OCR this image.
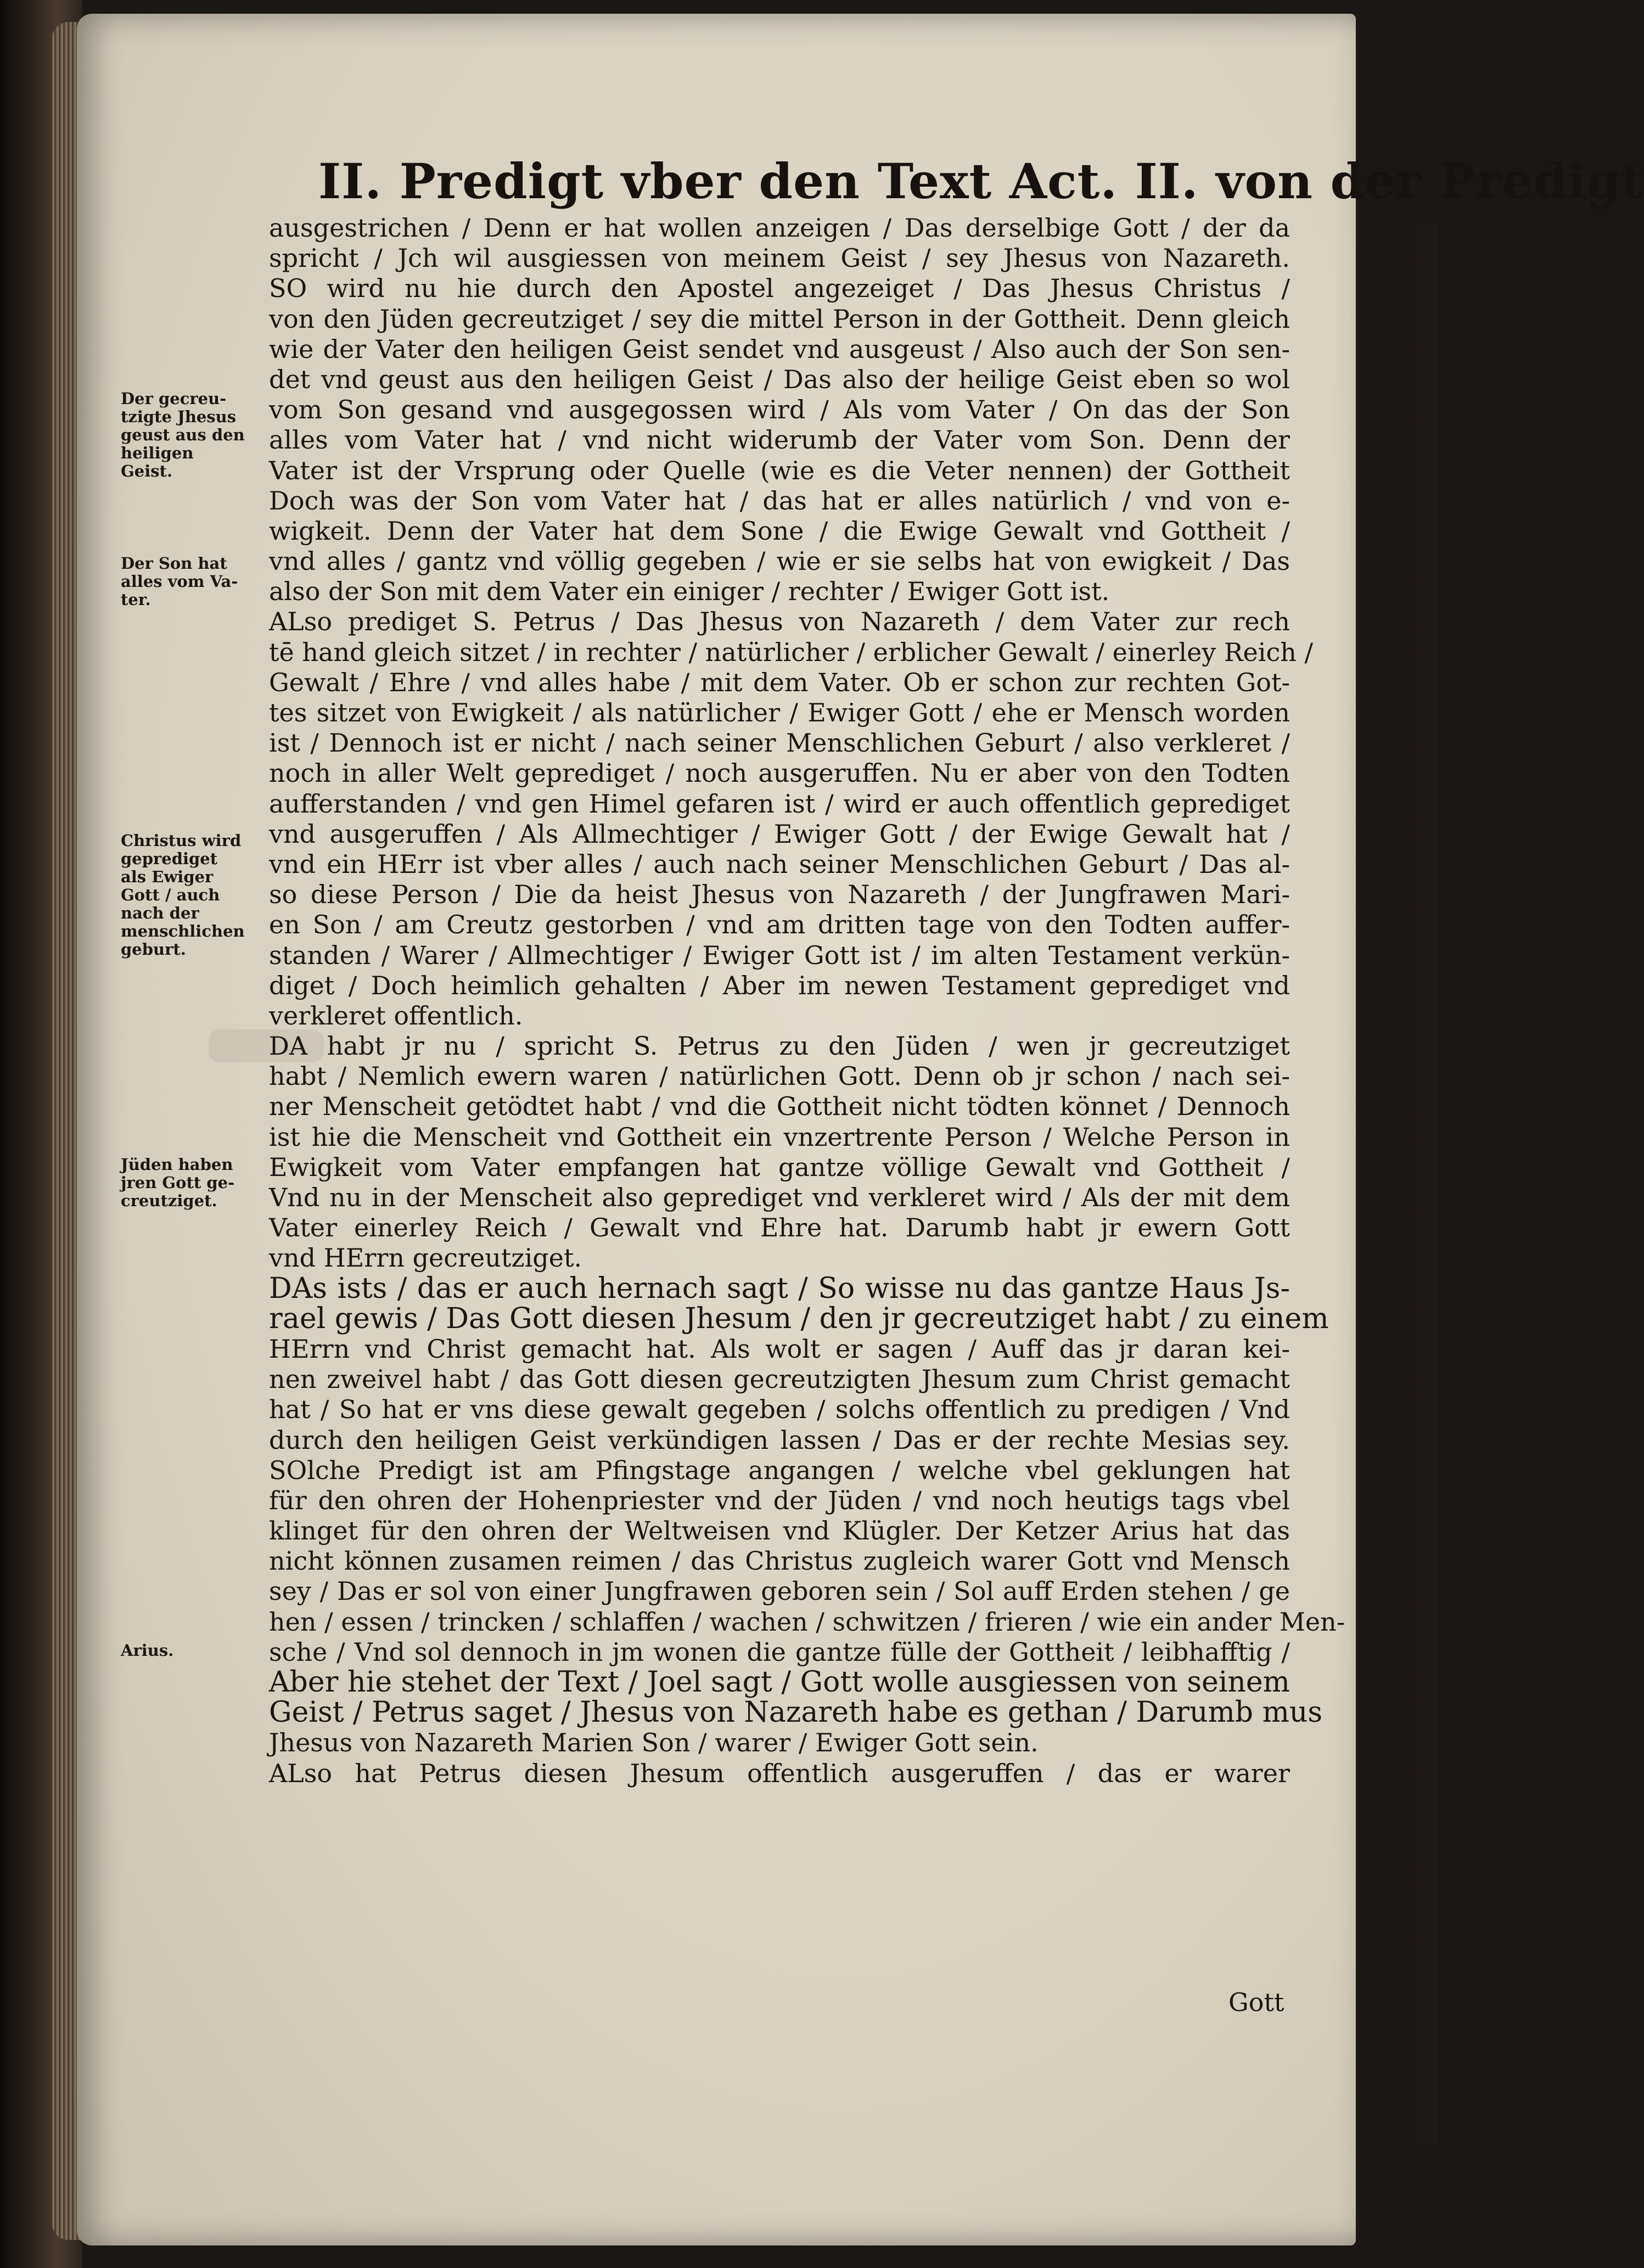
II. Predigt vber den Text Act. II. von der Predigt
ausgestrichen / Denn er hat wollen anzeigen / Das derselbige Gott / der da
spricht / Jch wil ausgiessen von meinem Geist / sey Jhesus von Nazareth.
SO wird nu hie durch den Apostel angezeiget / Das Jhesus Christus /
von den Jüden gecreutziget / sey die mittel Person in der Gottheit. Denn gleich
wie der Vater den heiligen Geist sendet vnd ausgeust / Also auch der Son sen-
det vnd geust aus den heiligen Geist / Das also der heilige Geist eben so wol
vom Son gesand vnd ausgegossen wird / Als vom Vater / On das der Son
alles vom Vater hat / vnd nicht widerumb der Vater vom Son. Denn der
Vater ist der Vrsprung oder Quelle (wie es die Veter nennen) der Gottheit
Doch was der Son vom Vater hat / das hat er alles natürlich / vnd von e-
wigkeit. Denn der Vater hat dem Sone / die Ewige Gewalt vnd Gottheit /
vnd alles / gantz vnd völlig gegeben / wie er sie selbs hat von ewigkeit / Das
also der Son mit dem Vater ein einiger / rechter / Ewiger Gott ist.
ALso prediget S. Petrus / Das Jhesus von Nazareth / dem Vater zur rech
tē hand gleich sitzet / in rechter / natürlicher / erblicher Gewalt / einerley Reich /
Gewalt / Ehre / vnd alles habe / mit dem Vater. Ob er schon zur rechten Got-
tes sitzet von Ewigkeit / als natürlicher / Ewiger Gott / ehe er Mensch worden
ist / Dennoch ist er nicht / nach seiner Menschlichen Geburt / also verkleret /
noch in aller Welt geprediget / noch ausgeruffen. Nu er aber von den Todten
aufferstanden / vnd gen Himel gefaren ist / wird er auch offentlich geprediget
vnd ausgeruffen / Als Allmechtiger / Ewiger Gott / der Ewige Gewalt hat /
vnd ein HErr ist vber alles / auch nach seiner Menschlichen Geburt / Das al-
so diese Person / Die da heist Jhesus von Nazareth / der Jungfrawen Mari-
en Son / am Creutz gestorben / vnd am dritten tage von den Todten auffer-
standen / Warer / Allmechtiger / Ewiger Gott ist / im alten Testament verkün-
diget / Doch heimlich gehalten / Aber im newen Testament geprediget vnd
verkleret offentlich.
DA habt jr nu / spricht S. Petrus zu den Jüden / wen jr gecreutziget
habt / Nemlich ewern waren / natürlichen Gott. Denn ob jr schon / nach sei-
ner Menscheit getödtet habt / vnd die Gottheit nicht tödten könnet / Dennoch
ist hie die Menscheit vnd Gottheit ein vnzertrente Person / Welche Person in
Ewigkeit vom Vater empfangen hat gantze völlige Gewalt vnd Gottheit /
Vnd nu in der Menscheit also geprediget vnd verkleret wird / Als der mit dem
Vater einerley Reich / Gewalt vnd Ehre hat. Darumb habt jr ewern Gott
vnd HErrn gecreutziget.
DAs ists / das er auch hernach sagt / So wisse nu das gantze Haus Js-
rael gewis / Das Gott diesen Jhesum / den jr gecreutziget habt / zu einem
HErrn vnd Christ gemacht hat. Als wolt er sagen / Auff das jr daran kei-
nen zweivel habt / das Gott diesen gecreutzigten Jhesum zum Christ gemacht
hat / So hat er vns diese gewalt gegeben / solchs offentlich zu predigen / Vnd
durch den heiligen Geist verkündigen lassen / Das er der rechte Mesias sey.
SOlche Predigt ist am Pfingstage angangen / welche vbel geklungen hat
für den ohren der Hohenpriester vnd der Jüden / vnd noch heutigs tags vbel
klinget für den ohren der Weltweisen vnd Klügler. Der Ketzer Arius hat das
nicht können zusamen reimen / das Christus zugleich warer Gott vnd Mensch
sey / Das er sol von einer Jungfrawen geboren sein / Sol auff Erden stehen / ge
hen / essen / trincken / schlaffen / wachen / schwitzen / frieren / wie ein ander Men-
sche / Vnd sol dennoch in jm wonen die gantze fülle der Gottheit / leibhafftig /
Aber hie stehet der Text / Joel sagt / Gott wolle ausgiessen von seinem
Geist / Petrus saget / Jhesus von Nazareth habe es gethan / Darumb mus
Jhesus von Nazareth Marien Son / warer / Ewiger Gott sein.
ALso hat Petrus diesen Jhesum offentlich ausgeruffen / das er warer
Gott
Der gecreu-
tzigte Jhesus
geust aus den
heiligen
Geist.
Der Son hat
alles vom Va-
ter.
Christus wird
geprediget
als Ewiger
Gott / auch
nach der
menschlichen
geburt.
Jüden haben
jren Gott ge-
creutziget.
Arius.
